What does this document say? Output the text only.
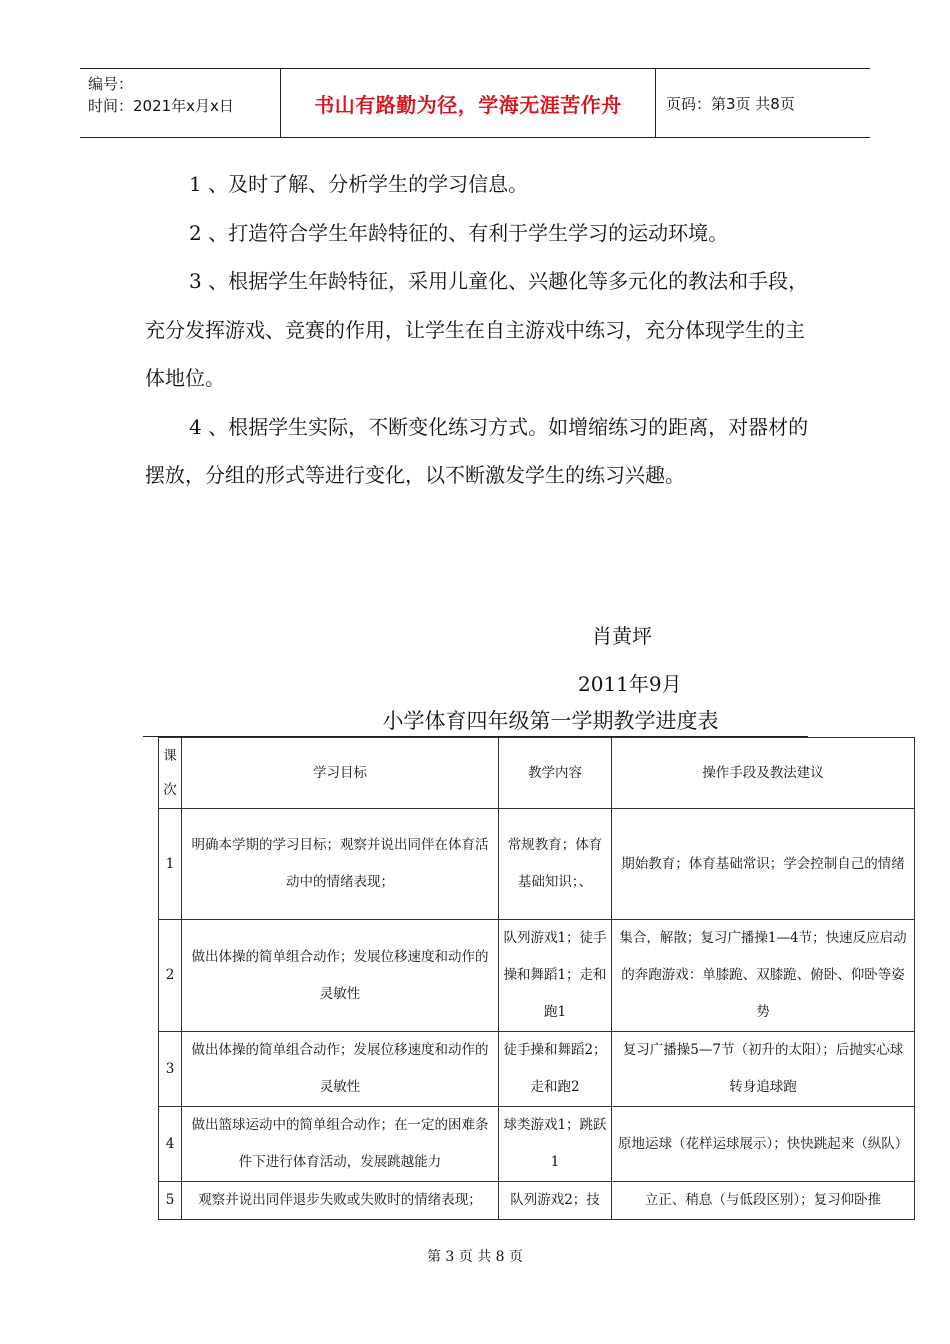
编号：
时间：2021年x月x日	书山有路勤为径，学海无涯苦作舟	页码：第3页 共8页

1 、及时了解、分析学生的学习信息。

2 、打造符合学生年龄特征的、有利于学生学习的运动环境。

3 、根据学生年龄特征，采用儿童化、兴趣化等多元化的教法和手段，充分发挥游戏、竞赛的作用，让学生在自主游戏中练习，充分体现学生的主体地位。

4 、根据学生实际，不断变化练习方式。如增缩练习的距离，对器材的摆放，分组的形式等进行变化，以不断激发学生的练习兴趣。

肖黄坪
2011年9月
小学体育四年级第一学期教学进度表
课次	学习目标	教学内容	操作手段及教法建议
1	明确本学期的学习目标；观察并说出同伴在体育活动中的情绪表现；	常规教育；体育基础知识；、	期始教育；体育基础常识；学会控制自己的情绪
2	做出体操的简单组合动作；发展位移速度和动作的灵敏性	队列游戏1；徒手操和舞蹈1；走和跑1	集合，解散；复习广播操1—4节；快速反应启动的奔跑游戏：单膝跪、双膝跪、俯卧、仰卧等姿势
3	做出体操的简单组合动作；发展位移速度和动作的灵敏性	徒手操和舞蹈2；走和跑2	复习广播操5—7节（初升的太阳）；后抛实心球转身追球跑
4	做出篮球运动中的简单组合动作；在一定的困难条件下进行体育活动，发展跳越能力	球类游戏1；跳跃1	原地运球（花样运球展示）；快快跳起来（纵队）
5	观察并说出同伴退步失败或失败时的情绪表现；	队列游戏2；技	立正、稍息（与低段区别）；复习仰卧推
第 3 页 共 8 页
